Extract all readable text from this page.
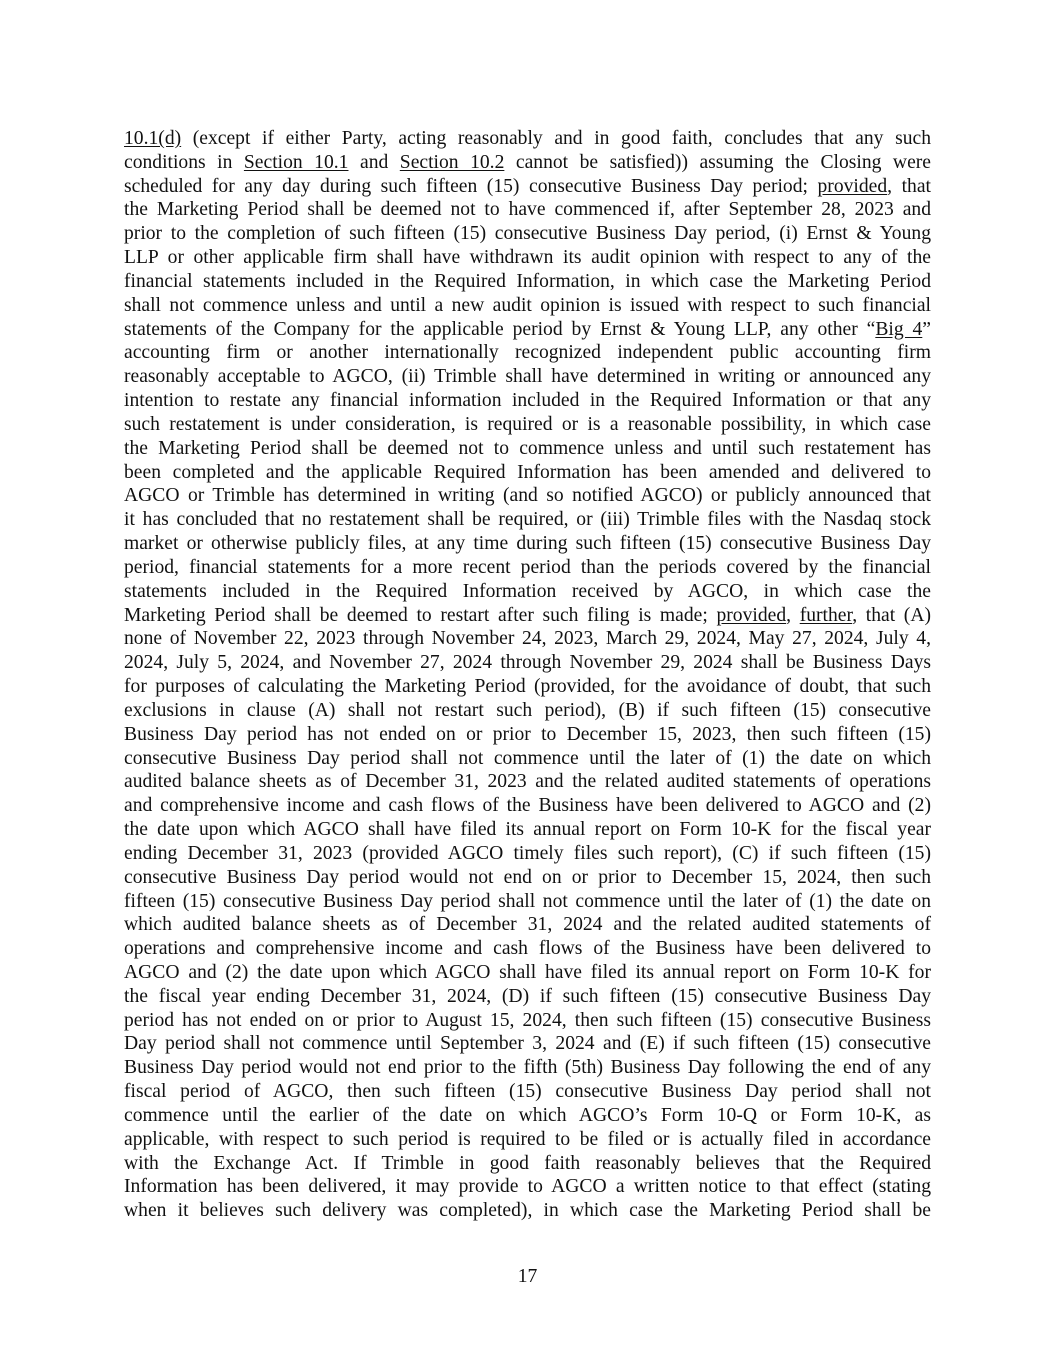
10.1(d) (except if either Party, acting reasonably and in good faith, concludes that any such
conditions in Section 10.1 and Section 10.2 cannot be satisfied)) assuming the Closing were
scheduled for any day during such fifteen (15) consecutive Business Day period; provided, that
the Marketing Period shall be deemed not to have commenced if, after September 28, 2023 and
prior to the completion of such fifteen (15) consecutive Business Day period, (i) Ernst & Young
LLP or other applicable firm shall have withdrawn its audit opinion with respect to any of the
financial statements included in the Required Information, in which case the Marketing Period
shall not commence unless and until a new audit opinion is issued with respect to such financial
statements of the Company for the applicable period by Ernst & Young LLP, any other “Big 4”
accounting firm or another internationally recognized independent public accounting firm
reasonably acceptable to AGCO, (ii) Trimble shall have determined in writing or announced any
intention to restate any financial information included in the Required Information or that any
such restatement is under consideration, is required or is a reasonable possibility, in which case
the Marketing Period shall be deemed not to commence unless and until such restatement has
been completed and the applicable Required Information has been amended and delivered to
AGCO or Trimble has determined in writing (and so notified AGCO) or publicly announced that
it has concluded that no restatement shall be required, or (iii) Trimble files with the Nasdaq stock
market or otherwise publicly files, at any time during such fifteen (15) consecutive Business Day
period, financial statements for a more recent period than the periods covered by the financial
statements included in the Required Information received by AGCO, in which case the
Marketing Period shall be deemed to restart after such filing is made; provided, further, that (A)
none of November 22, 2023 through November 24, 2023, March 29, 2024, May 27, 2024, July 4,
2024, July 5, 2024, and November 27, 2024 through November 29, 2024 shall be Business Days
for purposes of calculating the Marketing Period (provided, for the avoidance of doubt, that such
exclusions in clause (A) shall not restart such period), (B) if such fifteen (15) consecutive
Business Day period has not ended on or prior to December 15, 2023, then such fifteen (15)
consecutive Business Day period shall not commence until the later of (1) the date on which
audited balance sheets as of December 31, 2023 and the related audited statements of operations
and comprehensive income and cash flows of the Business have been delivered to AGCO and (2)
the date upon which AGCO shall have filed its annual report on Form 10-K for the fiscal year
ending December 31, 2023 (provided AGCO timely files such report), (C) if such fifteen (15)
consecutive Business Day period would not end on or prior to December 15, 2024, then such
fifteen (15) consecutive Business Day period shall not commence until the later of (1) the date on
which audited balance sheets as of December 31, 2024 and the related audited statements of
operations and comprehensive income and cash flows of the Business have been delivered to
AGCO and (2) the date upon which AGCO shall have filed its annual report on Form 10-K for
the fiscal year ending December 31, 2024, (D) if such fifteen (15) consecutive Business Day
period has not ended on or prior to August 15, 2024, then such fifteen (15) consecutive Business
Day period shall not commence until September 3, 2024 and (E) if such fifteen (15) consecutive
Business Day period would not end prior to the fifth (5th) Business Day following the end of any
fiscal period of AGCO, then such fifteen (15) consecutive Business Day period shall not
commence until the earlier of the date on which AGCO’s Form 10-Q or Form 10-K, as
applicable, with respect to such period is required to be filed or is actually filed in accordance
with the Exchange Act. If Trimble in good faith reasonably believes that the Required
Information has been delivered, it may provide to AGCO a written notice to that effect (stating
when it believes such delivery was completed), in which case the Marketing Period shall be
17
